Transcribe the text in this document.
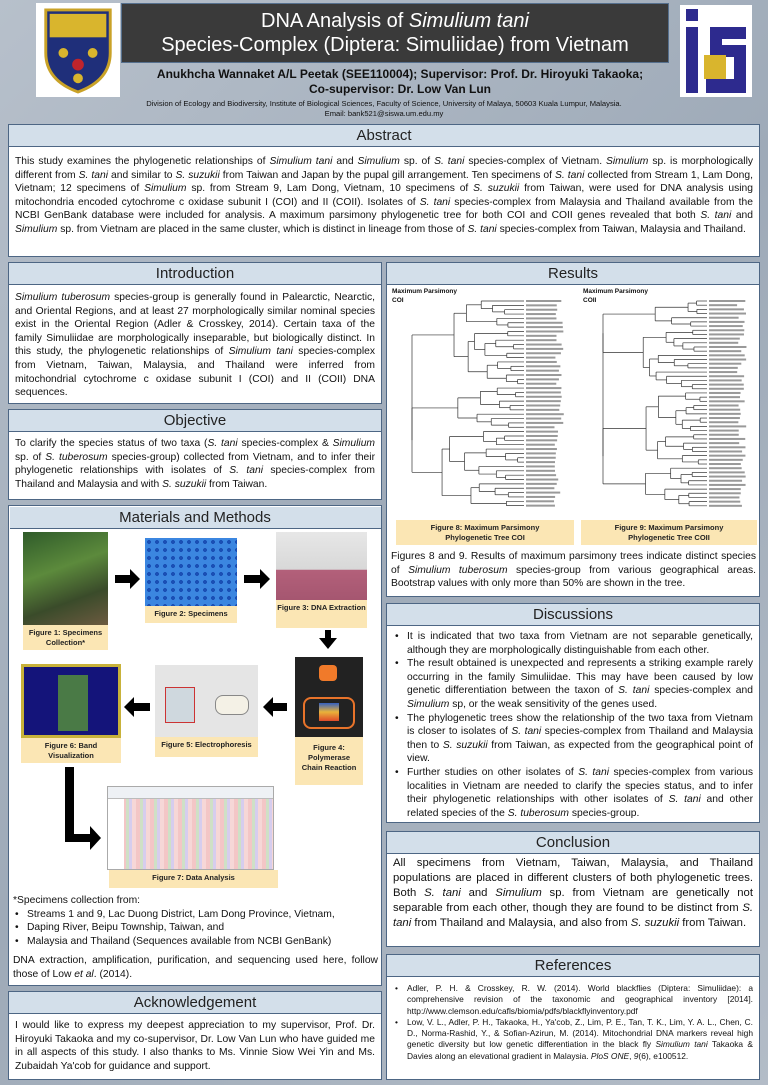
DNA Analysis of Simulium tani
Species-Complex (Diptera: Simuliidae) from Vietnam
Anukhcha Wannaket A/L Peetak (SEE110004); Supervisor: Prof. Dr. Hiroyuki Takaoka;
Co-supervisor: Dr. Low Van Lun
Division of Ecology and Biodiversity, Institute of Biological Sciences, Faculty of Science, University of Malaya, 50603 Kuala Lumpur, Malaysia.
Email: bank521@siswa.um.edu.my
Abstract
This study examines the phylogenetic relationships of Simulium tani and Simulium sp. of S. tani species-complex of Vietnam. Simulium sp. is morphologically different from S. tani and similar to S. suzukii from Taiwan and Japan by the pupal gill arrangement. Ten specimens of S. tani collected from Stream 1, Lam Dong, Vietnam; 12 specimens of Simulium sp. from Stream 9, Lam Dong, Vietnam, 10 specimens of S. suzukii from Taiwan, were used for DNA analysis using mitochondria encoded cytochrome c oxidase subunit I (COI) and II (COII). Isolates of S. tani species-complex from Malaysia and Thailand available from the NCBI GenBank database were included for analysis. A maximum parsimony phylogenetic tree for both COI and COII genes revealed that both S. tani and Simulium sp. from Vietnam are placed in the same cluster, which is distinct in lineage from those of S. tani species-complex from Taiwan, Malaysia and Thailand.
Introduction
Simulium tuberosum species-group is generally found in Palearctic, Nearctic, and Oriental Regions, and at least 27 morphologically similar nominal species exist in the Oriental Region (Adler & Crosskey, 2014). Certain taxa of the family Simuliidae are morphologically inseparable, but biologically distinct. In this study, the phylogenetic relationships of Simulium tani species-complex from Vietnam, Taiwan, Malaysia, and Thailand were inferred from mitochondrial cytochrome c oxidase subunit I (COI) and II (COII) DNA sequences.
Objective
To clarify the species status of two taxa (S. tani species-complex & Simulium sp. of S. tuberosum species-group) collected from Vietnam, and to infer their phylogenetic relationships with isolates of S. tani species-complex from Thailand and Malaysia and with S. suzukii from Taiwan.
Materials and Methods
Figure 1: Specimens Collection*
Figure 2: Specimens
Figure 3: DNA Extraction
Figure 4: Polymerase Chain Reaction
Figure 5: Electrophoresis
Figure 6: Band Visualization
Figure 7: Data Analysis
*Specimens collection from:
• Streams 1 and 9, Lac Duong District, Lam Dong Province, Vietnam,
• Daping River, Beipu Township, Taiwan, and
• Malaysia and Thailand (Sequences available from NCBI GenBank)
DNA extraction, amplification, purification, and sequencing used here, follow those of Low et al. (2014).
Acknowledgement
I would like to express my deepest appreciation to my supervisor, Prof. Dr. Hiroyuki Takaoka and my co-supervisor, Dr. Low Van Lun who have guided me in all aspects of this study. I also thanks to Ms. Vinnie Siow Wei Yin and Ms. Zubaidah Ya'cob for guidance and support.
Results
Maximum Parsimony
COI
Maximum Parsimony
COII
Figure 8: Maximum Parsimony Phylogenetic Tree COI
Figure 9: Maximum Parsimony Phylogenetic Tree COII
Figures 8 and 9. Results of maximum parsimony trees indicate distinct species of Simulium tuberosum species-group from various geographical areas. Bootstrap values with only more than 50% are shown in the tree.
Discussions
• It is indicated that two taxa from Vietnam are not separable genetically, although they are morphologically distinguishable from each other.
• The result obtained is unexpected and represents a striking example rarely occurring in the family Simuliidae. This may have been caused by low genetic differentiation between the taxon of S. tani species-complex and Simulium sp, or the weak sensitivity of the genes used.
• The phylogenetic trees show the relationship of the two taxa from Vietnam is closer to isolates of S. tani species-complex from Thailand and Malaysia then to S. suzukii from Taiwan, as expected from the geographical point of view.
• Further studies on other isolates of S. tani species-complex from various localities in Vietnam are needed to clarify the species status, and to infer their phylogenetic relationships with other isolates of S. tani and other related species of the S. tuberosum species-group.
Conclusion
All specimens from Vietnam, Taiwan, Malaysia, and Thailand populations are placed in different clusters of both phylogenetic trees. Both S. tani and Simulium sp. from Vietnam are genetically not separable from each other, though they are found to be distinct from S. tani from Thailand and Malaysia, and also from S. suzukii from Taiwan.
References
• Adler, P. H. & Crosskey, R. W. (2014). World blackflies (Diptera: Simuliidae): a comprehensive revision of the taxonomic and geographical inventory [2014]. http://www.clemson.edu/cafls/biomia/pdfs/blackflyinventory.pdf
• Low, V. L., Adler, P. H., Takaoka, H., Ya'cob, Z., Lim, P. E., Tan, T. K., Lim, Y. A. L., Chen, C. D., Norma-Rashid, Y., & Sofian-Azirun, M. (2014). Mitochondrial DNA markers reveal high genetic diversity but low genetic differentiation in the black fly Simulium tani Takaoka & Davies along an elevational gradient in Malaysia. PloS ONE, 9(6), e100512.
